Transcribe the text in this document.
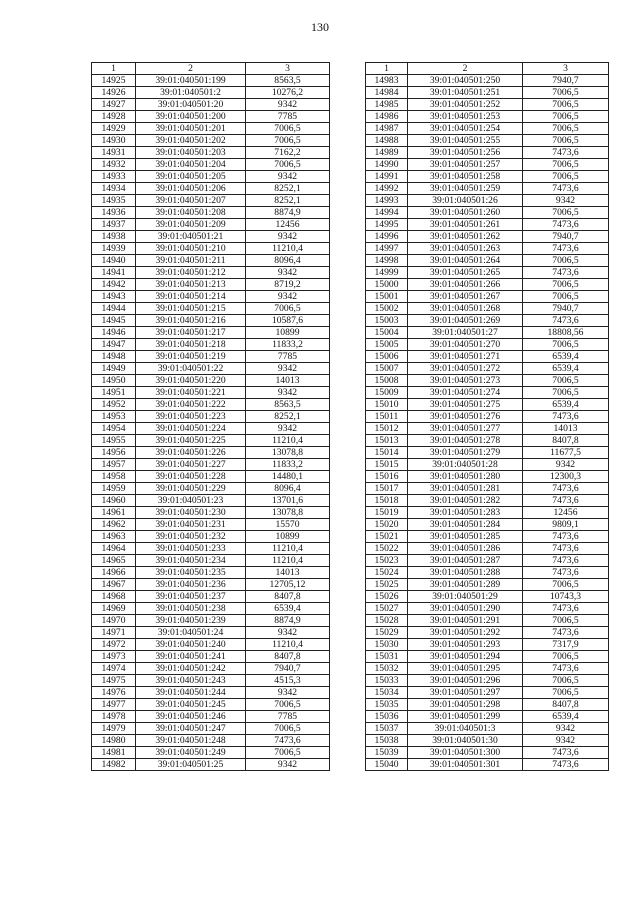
130
1	2	3
14925	39:01:040501:199	8563,5
14926	39:01:040501:2	10276,2
14927	39:01:040501:20	9342
14928	39:01:040501:200	7785
14929	39:01:040501:201	7006,5
14930	39:01:040501:202	7006,5
14931	39:01:040501:203	7162,2
14932	39:01:040501:204	7006,5
14933	39:01:040501:205	9342
14934	39:01:040501:206	8252,1
14935	39:01:040501:207	8252,1
14936	39:01:040501:208	8874,9
14937	39:01:040501:209	12456
14938	39:01:040501:21	9342
14939	39:01:040501:210	11210,4
14940	39:01:040501:211	8096,4
14941	39:01:040501:212	9342
14942	39:01:040501:213	8719,2
14943	39:01:040501:214	9342
14944	39:01:040501:215	7006,5
14945	39:01:040501:216	10587,6
14946	39:01:040501:217	10899
14947	39:01:040501:218	11833,2
14948	39:01:040501:219	7785
14949	39:01:040501:22	9342
14950	39:01:040501:220	14013
14951	39:01:040501:221	9342
14952	39:01:040501:222	8563,5
14953	39:01:040501:223	8252,1
14954	39:01:040501:224	9342
14955	39:01:040501:225	11210,4
14956	39:01:040501:226	13078,8
14957	39:01:040501:227	11833,2
14958	39:01:040501:228	14480,1
14959	39:01:040501:229	8096,4
14960	39:01:040501:23	13701,6
14961	39:01:040501:230	13078,8
14962	39:01:040501:231	15570
14963	39:01:040501:232	10899
14964	39:01:040501:233	11210,4
14965	39:01:040501:234	11210,4
14966	39:01:040501:235	14013
14967	39:01:040501:236	12705,12
14968	39:01:040501:237	8407,8
14969	39:01:040501:238	6539,4
14970	39:01:040501:239	8874,9
14971	39:01:040501:24	9342
14972	39:01:040501:240	11210,4
14973	39:01:040501:241	8407,8
14974	39:01:040501:242	7940,7
14975	39:01:040501:243	4515,3
14976	39:01:040501:244	9342
14977	39:01:040501:245	7006,5
14978	39:01:040501:246	7785
14979	39:01:040501:247	7006,5
14980	39:01:040501:248	7473,6
14981	39:01:040501:249	7006,5
14982	39:01:040501:25	9342
1	2	3
14983	39:01:040501:250	7940,7
14984	39:01:040501:251	7006,5
14985	39:01:040501:252	7006,5
14986	39:01:040501:253	7006,5
14987	39:01:040501:254	7006,5
14988	39:01:040501:255	7006,5
14989	39:01:040501:256	7473,6
14990	39:01:040501:257	7006,5
14991	39:01:040501:258	7006,5
14992	39:01:040501:259	7473,6
14993	39:01:040501:26	9342
14994	39:01:040501:260	7006,5
14995	39:01:040501:261	7473,6
14996	39:01:040501:262	7940,7
14997	39:01:040501:263	7473,6
14998	39:01:040501:264	7006,5
14999	39:01:040501:265	7473,6
15000	39:01:040501:266	7006,5
15001	39:01:040501:267	7006,5
15002	39:01:040501:268	7940,7
15003	39:01:040501:269	7473,6
15004	39:01:040501:27	18808,56
15005	39:01:040501:270	7006,5
15006	39:01:040501:271	6539,4
15007	39:01:040501:272	6539,4
15008	39:01:040501:273	7006,5
15009	39:01:040501:274	7006,5
15010	39:01:040501:275	6539,4
15011	39:01:040501:276	7473,6
15012	39:01:040501:277	14013
15013	39:01:040501:278	8407,8
15014	39:01:040501:279	11677,5
15015	39:01:040501:28	9342
15016	39:01:040501:280	12300,3
15017	39:01:040501:281	7473,6
15018	39:01:040501:282	7473,6
15019	39:01:040501:283	12456
15020	39:01:040501:284	9809,1
15021	39:01:040501:285	7473,6
15022	39:01:040501:286	7473,6
15023	39:01:040501:287	7473,6
15024	39:01:040501:288	7473,6
15025	39:01:040501:289	7006,5
15026	39:01:040501:29	10743,3
15027	39:01:040501:290	7473,6
15028	39:01:040501:291	7006,5
15029	39:01:040501:292	7473,6
15030	39:01:040501:293	7317,9
15031	39:01:040501:294	7006,5
15032	39:01:040501:295	7473,6
15033	39:01:040501:296	7006,5
15034	39:01:040501:297	7006,5
15035	39:01:040501:298	8407,8
15036	39:01:040501:299	6539,4
15037	39:01:040501:3	9342
15038	39:01:040501:30	9342
15039	39:01:040501:300	7473,6
15040	39:01:040501:301	7473,6
